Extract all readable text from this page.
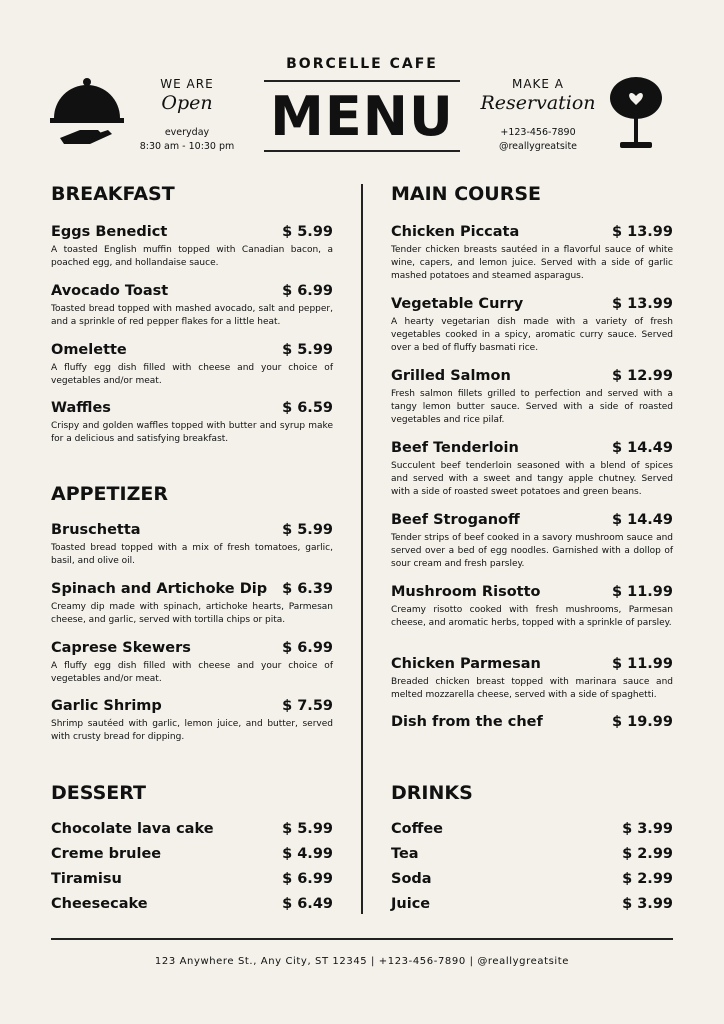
WE ARE
Open
everyday
8:30 am - 10:30 pm
BORCELLE CAFE
MENU
MAKE A
Reservation
+123-456-7890
@reallygreatsite
BREAKFAST
Eggs Benedict	$ 5.99
A toasted English muffin topped with Canadian bacon, a poached egg, and hollandaise sauce.
Avocado Toast	$ 6.99
Toasted bread topped with mashed avocado, salt and pepper, and a sprinkle of red pepper flakes for a little heat.
Omelette	$ 5.99
A fluffy egg dish filled with cheese and your choice of vegetables and/or meat.
Waffles	$ 6.59
Crispy and golden waffles topped with butter and syrup make for a delicious and satisfying breakfast.
APPETIZER
Bruschetta	$ 5.99
Toasted bread topped with a mix of fresh tomatoes, garlic, basil, and olive oil.
Spinach and Artichoke Dip $ 6.39
Creamy dip made with spinach, artichoke hearts, Parmesan cheese, and garlic, served with tortilla chips or pita.
Caprese Skewers	$ 6.99
A fluffy egg dish filled with cheese and your choice of vegetables and/or meat.
Garlic Shrimp	$ 7.59
Shrimp sautéed with garlic, lemon juice, and butter, served with crusty bread for dipping.
DESSERT
Chocolate lava cake	$ 5.99
Creme brulee	$ 4.99
Tiramisu	$ 6.99
Cheesecake	$ 6.49
MAIN COURSE
Chicken Piccata	$ 13.99
Tender chicken breasts sautéed in a flavorful sauce of white wine, capers, and lemon juice. Served with a side of garlic mashed potatoes and steamed asparagus.
Vegetable Curry	$ 13.99
A hearty vegetarian dish made with a variety of fresh vegetables cooked in a spicy, aromatic curry sauce. Served over a bed of fluffy basmati rice.
Grilled Salmon	$ 12.99
Fresh salmon fillets grilled to perfection and served with a tangy lemon butter sauce. Served with a side of roasted vegetables and rice pilaf.
Beef Tenderloin	$ 14.49
Succulent beef tenderloin seasoned with a blend of spices and served with a sweet and tangy apple chutney. Served with a side of roasted sweet potatoes and green beans.
Beef Stroganoff	$ 14.49
Tender strips of beef cooked in a savory mushroom sauce and served over a bed of egg noodles. Garnished with a dollop of sour cream and fresh parsley.
Mushroom Risotto	$ 11.99
Creamy risotto cooked with fresh mushrooms, Parmesan cheese, and aromatic herbs, topped with a sprinkle of parsley.
Chicken Parmesan	$ 11.99
Breaded chicken breast topped with marinara sauce and melted mozzarella cheese, served with a side of spaghetti.
Dish from the chef	$ 19.99
DRINKS
Coffee	$ 3.99
Tea	$ 2.99
Soda	$ 2.99
Juice	$ 3.99
123 Anywhere St., Any City, ST 12345 | +123-456-7890 | @reallygreatsite
